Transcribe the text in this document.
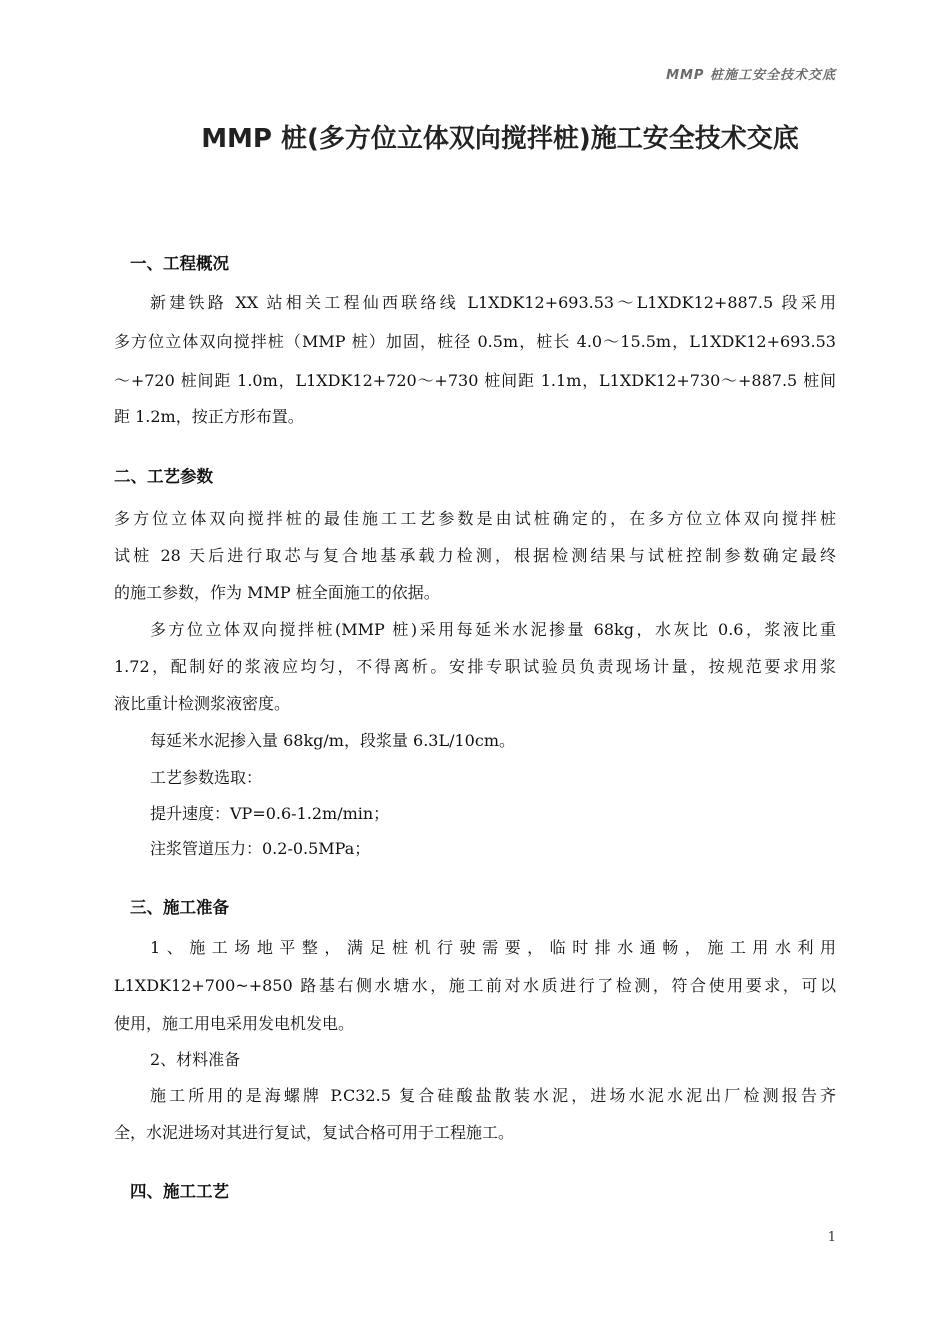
MMP 桩施工安全技术交底
MMP 桩(多方位立体双向搅拌桩)施工安全技术交底
一、工程概况
新建铁路 XX 站相关工程仙西联络线 L1XDK12+693.53～L1XDK12+887.5 段采用
多方位立体双向搅拌桩（MMP 桩）加固，桩径 0.5m，桩长 4.0～15.5m，L1XDK12+693.53
～+720 桩间距 1.0m，L1XDK12+720～+730 桩间距 1.1m，L1XDK12+730～+887.5 桩间
距 1.2m，按正方形布置。
二、工艺参数
多方位立体双向搅拌桩的最佳施工工艺参数是由试桩确定的，在多方位立体双向搅拌桩
试桩 28 天后进行取芯与复合地基承载力检测，根据检测结果与试桩控制参数确定最终
的施工参数，作为 MMP 桩全面施工的依据。
多方位立体双向搅拌桩(MMP 桩)采用每延米水泥掺量 68kg，水灰比 0.6，浆液比重
1.72，配制好的浆液应均匀，不得离析。安排专职试验员负责现场计量，按规范要求用浆
液比重计检测浆液密度。
每延米水泥掺入量 68kg/m，段浆量 6.3L/10cm。
工艺参数选取：
提升速度：VP=0.6-1.2m/min；
注浆管道压力：0.2-0.5MPa；
三、施工准备
1、施工场地平整，满足桩机行驶需要，临时排水通畅，施工用水利用
L1XDK12+700~+850 路基右侧水塘水，施工前对水质进行了检测，符合使用要求，可以
使用，施工用电采用发电机发电。
2、材料准备
施工所用的是海螺牌 P.C32.5 复合硅酸盐散装水泥，进场水泥水泥出厂检测报告齐
全，水泥进场对其进行复试，复试合格可用于工程施工。
四、施工工艺
1
